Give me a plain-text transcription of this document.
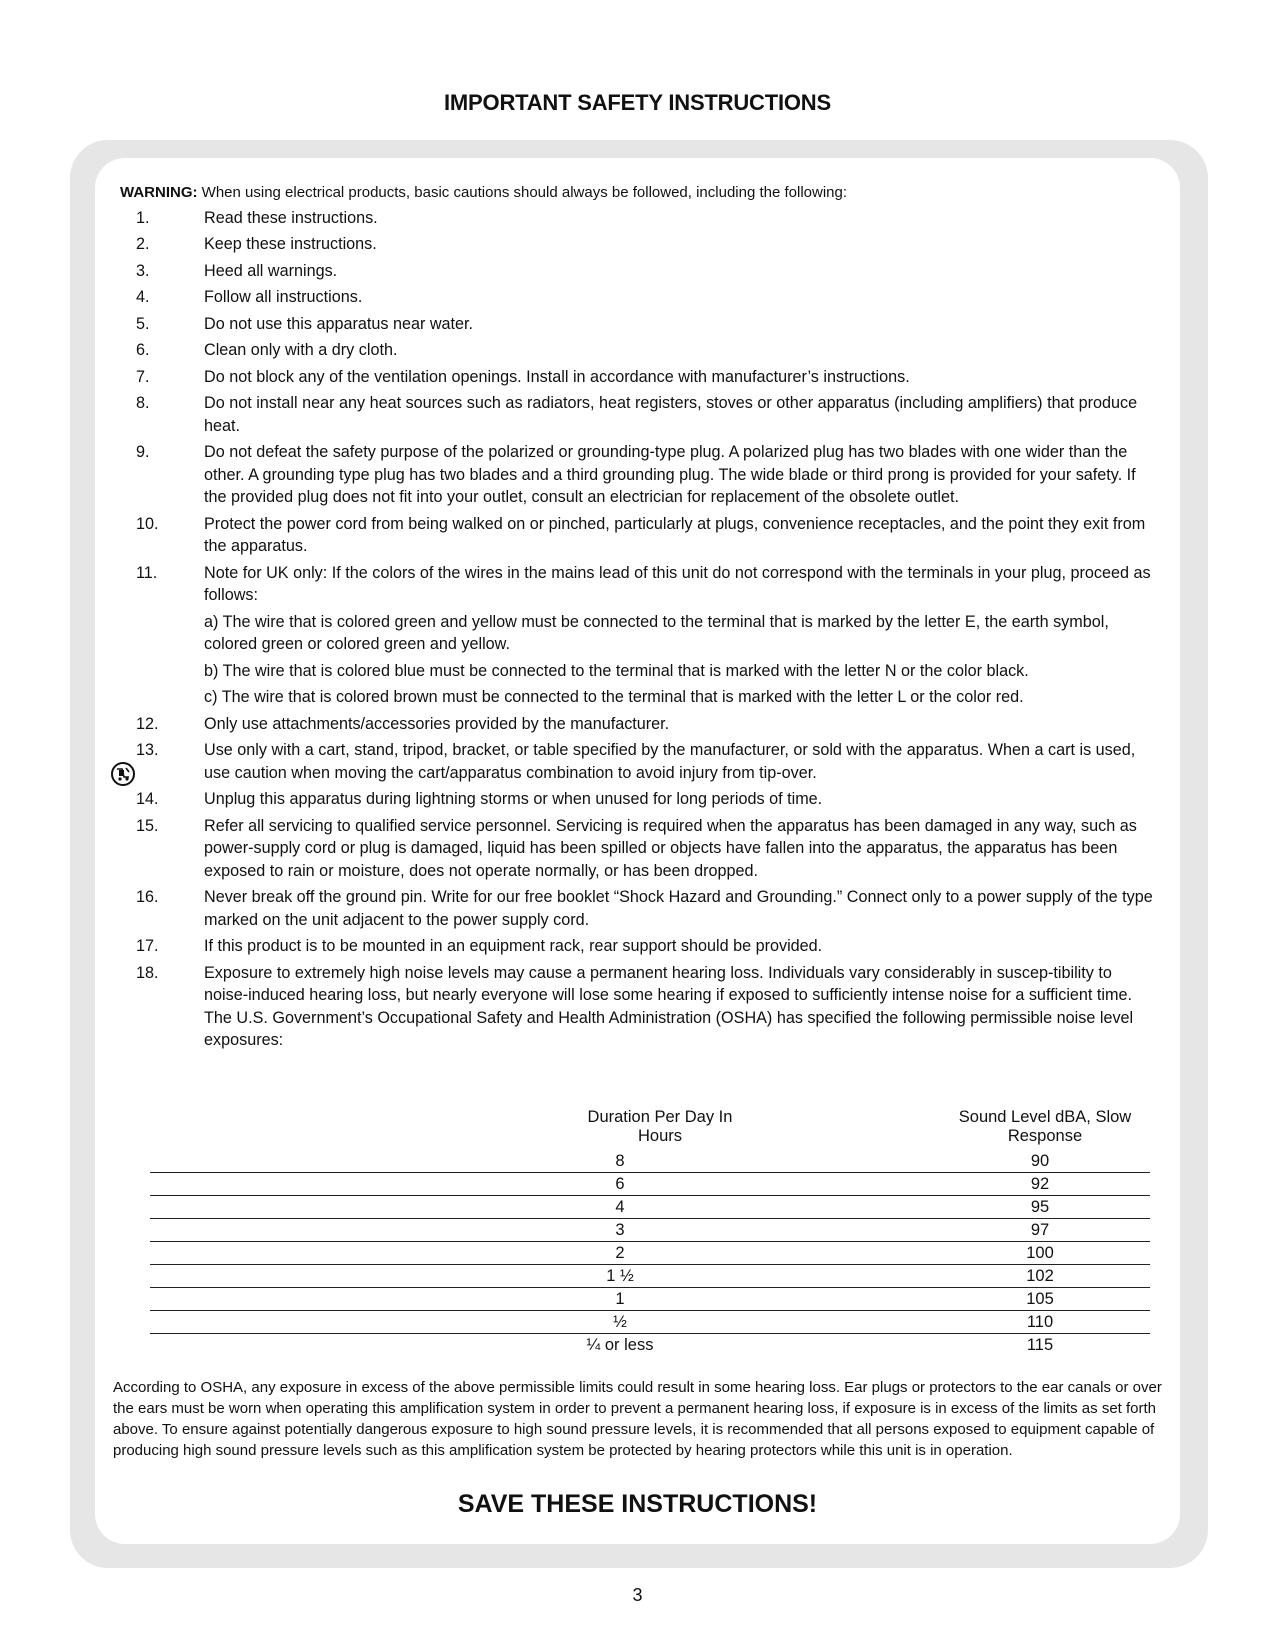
IMPORTANT SAFETY INSTRUCTIONS
WARNING: When using electrical products, basic cautions should always be followed, including the following:
1.	Read these instructions.
2.	Keep these instructions.
3.	Heed all warnings.
4.	Follow all instructions.
5.	Do not use this apparatus near water.
6.	Clean only with a dry cloth.
7.	Do not block any of the ventilation openings. Install in accordance with manufacturer’s instructions.
8.	Do not install near any heat sources such as radiators, heat registers, stoves or other apparatus (including amplifiers) that produce heat.
9.	Do not defeat the safety purpose of the polarized or grounding-type plug. A polarized plug has two blades with one wider than the other. A grounding type plug has two blades and a third grounding plug. The wide blade or third prong is provided for your safety. If the provided plug does not fit into your outlet, consult an electrician for replacement of the obsolete outlet.
10.	Protect the power cord from being walked on or pinched, particularly at plugs, convenience receptacles, and the point they exit from the apparatus.
11.	Note for UK only: If the colors of the wires in the mains lead of this unit do not correspond with the terminals in your plug, proceed as follows:
a) The wire that is colored green and yellow must be connected to the terminal that is marked by the letter E, the earth symbol, colored green or colored green and yellow.
b) The wire that is colored blue must be connected to the terminal that is marked with the letter N or the color black.
c) The wire that is colored brown must be connected to the terminal that is marked with the letter L or the color red.
12.	Only use attachments/accessories provided by the manufacturer.
13.	Use only with a cart, stand, tripod, bracket, or table specified by the manufacturer, or sold with the apparatus. When a cart is used, use caution when moving the cart/apparatus combination to avoid injury from tip-over.
14.	Unplug this apparatus during lightning storms or when unused for long periods of time.
15.	Refer all servicing to qualified service personnel. Servicing is required when the apparatus has been damaged in any way, such as power-supply cord or plug is damaged, liquid has been spilled or objects have fallen into the apparatus, the apparatus has been exposed to rain or moisture, does not operate normally, or has been dropped.
16.	Never break off the ground pin. Write for our free booklet “Shock Hazard and Grounding.” Connect only to a power supply of the type marked on the unit adjacent to the power supply cord.
17.	If this product is to be mounted in an equipment rack, rear support should be provided.
18.	Exposure to extremely high noise levels may cause a permanent hearing loss. Individuals vary considerably in suscep-tibility to noise-induced hearing loss, but nearly everyone will lose some hearing if exposed to sufficiently intense noise for a sufficient time. The U.S. Government’s Occupational Safety and Health Administration (OSHA) has specified the following permissible noise level exposures:
Duration Per Day In Hours	Sound Level dBA, Slow Response
8	90
6	92
4	95
3	97
2	100
1 ½	102
1	105
½	110
¼ or less	115

According to OSHA, any exposure in excess of the above permissible limits could result in some hearing loss. Ear plugs or protectors to the ear canals or over the ears must be worn when operating this amplification system in order to prevent a permanent hearing loss, if exposure is in excess of the limits as set forth above. To ensure against potentially dangerous exposure to high sound pressure levels, it is recommended that all persons exposed to equipment capable of producing high sound pressure levels such as this amplification system be protected by hearing protectors while this unit is in operation.

SAVE THESE INSTRUCTIONS!
3
